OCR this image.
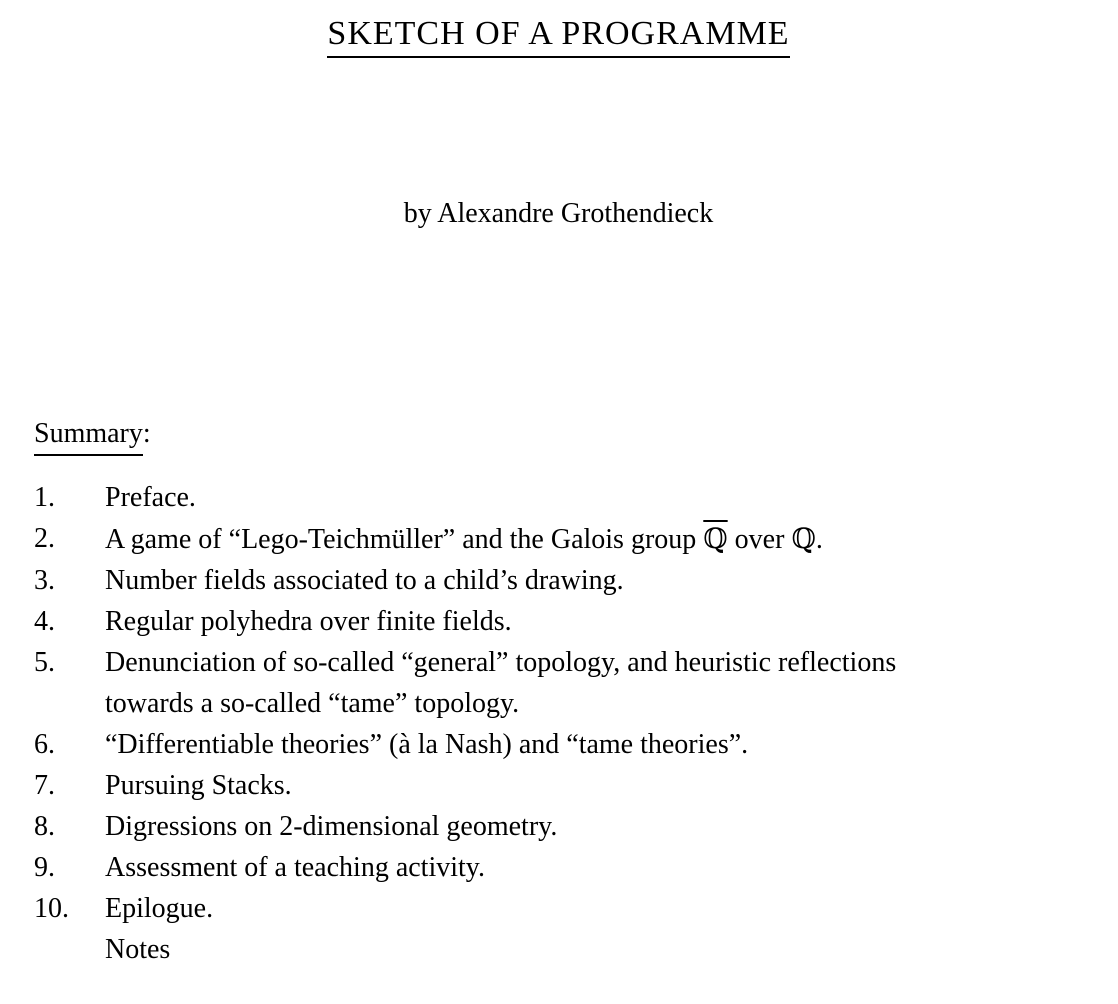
SKETCH OF A PROGRAMME
by Alexandre Grothendieck
Summary:
1.	Preface.
2.	A game of “Lego-Teichmüller” and the Galois group ℚ over ℚ.
3.	Number fields associated to a child’s drawing.
4.	Regular polyhedra over finite fields.
5.	Denunciation of so-called “general” topology, and heuristic reflections
towards a so-called “tame” topology.
6.	“Differentiable theories” (à la Nash) and “tame theories”.
7.	Pursuing Stacks.
8.	Digressions on 2-dimensional geometry.
9.	Assessment of a teaching activity.
10.	Epilogue.
Notes
